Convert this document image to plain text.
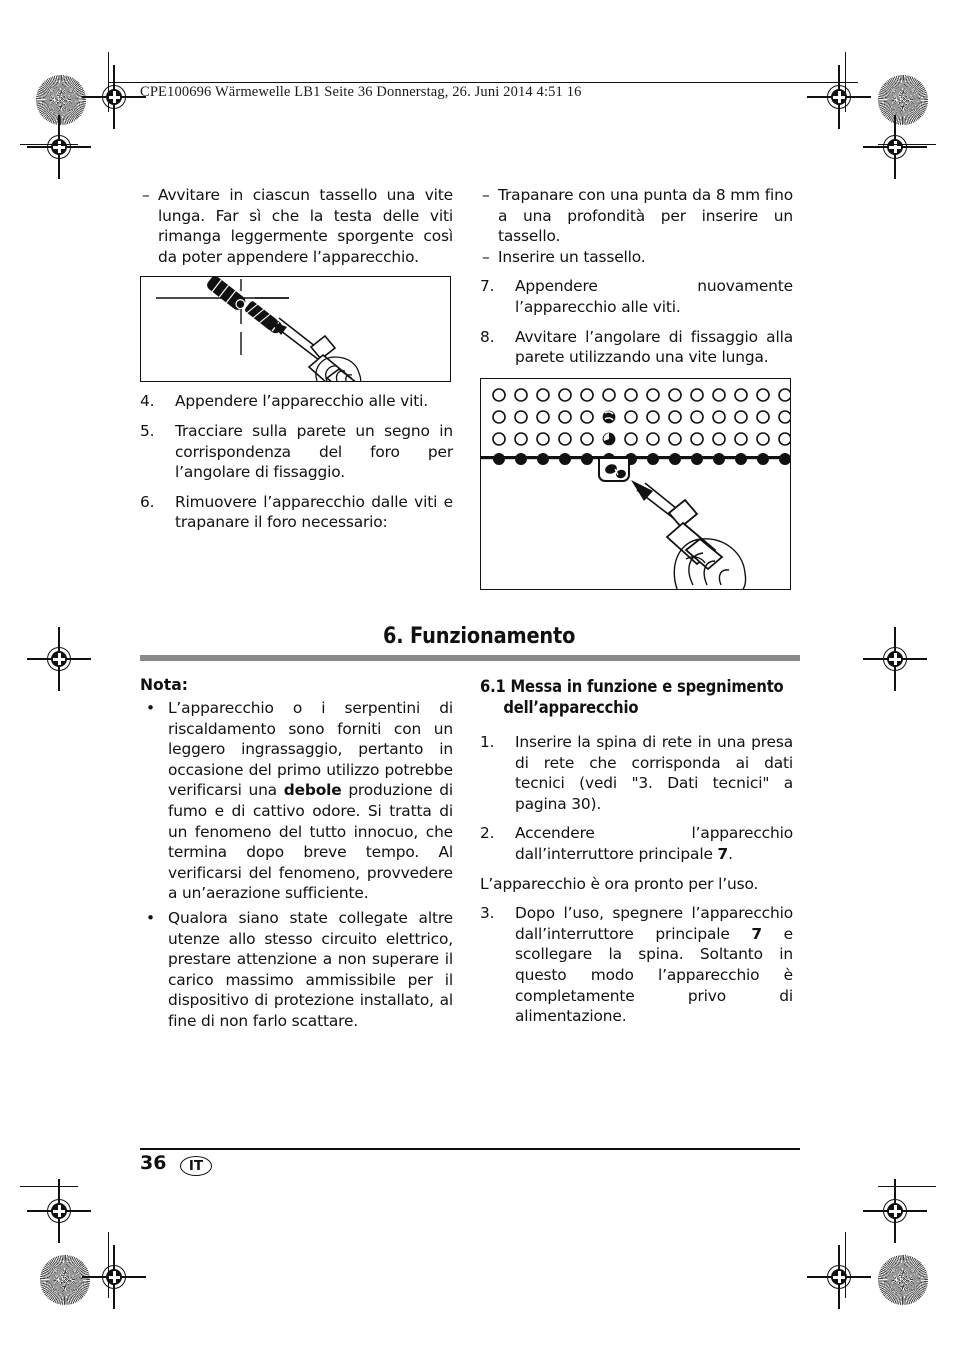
CPE100696 Wärmewelle LB1 Seite 36 Donnerstag, 26. Juni 2014 4:51 16
– Avvitare in ciascun tassello una vite lunga. Far sì che la testa delle viti rimanga leggermente sporgente così da poter appendere l’apparecchio.
4.	Appendere l’apparecchio alle viti.
5.	Tracciare sulla parete un segno in corrispondenza del foro per l’angolare di fissaggio.
6.	Rimuovere l’apparecchio dalle viti e trapanare il foro necessario:
– Trapanare con una punta da 8 mm fino a una profondità per inserire un tassello.
– Inserire un tassello.
7.	Appendere nuovamente l’apparecchio alle viti.
8.	Avvitare l’angolare di fissaggio alla parete utilizzando una vite lunga.
6. Funzionamento
Nota:
• L’apparecchio o i serpentini di riscaldamento sono forniti con un leggero ingrassaggio, pertanto in occasione del primo utilizzo potrebbe verificarsi una debole produzione di fumo e di cattivo odore. Si tratta di un fenomeno del tutto innocuo, che termina dopo breve tempo. Al verificarsi del fenomeno, provvedere a un’aerazione sufficiente.
• Qualora siano state collegate altre utenze allo stesso circuito elettrico, prestare attenzione a non superare il carico massimo ammissibile per il dispositivo di protezione installato, al fine di non farlo scattare.
6.1 Messa in funzione e spegnimento
dell’apparecchio
1.	Inserire la spina di rete in una presa di rete che corrisponda ai dati tecnici (vedi "3. Dati tecnici" a pagina 30).
2.	Accendere l’apparecchio dall’interruttore principale 7.
L’apparecchio è ora pronto per l’uso.
3.	Dopo l’uso, spegnere l’apparecchio dall’interruttore principale 7 e scollegare la spina. Soltanto in questo modo l’apparecchio è completamente privo di alimentazione.
36	IT
